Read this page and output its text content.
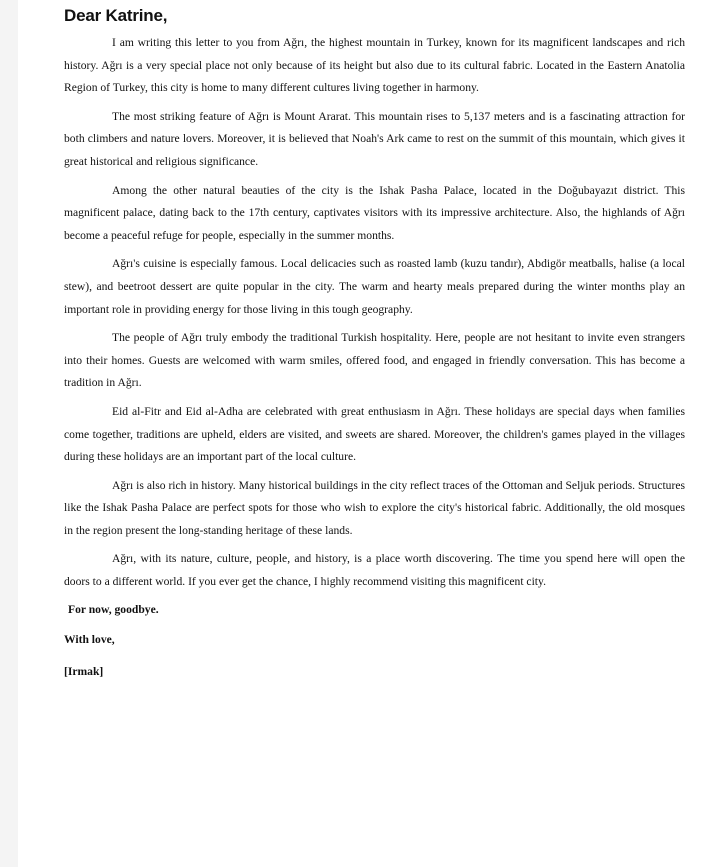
Dear Katrine,

I am writing this letter to you from Ağrı, the highest mountain in Turkey, known for its magnificent landscapes and rich history. Ağrı is a very special place not only because of its height but also due to its cultural fabric. Located in the Eastern Anatolia Region of Turkey, this city is home to many different cultures living together in harmony.

The most striking feature of Ağrı is Mount Ararat. This mountain rises to 5,137 meters and is a fascinating attraction for both climbers and nature lovers. Moreover, it is believed that Noah's Ark came to rest on the summit of this mountain, which gives it great historical and religious significance.

Among the other natural beauties of the city is the Ishak Pasha Palace, located in the Doğubayazıt district. This magnificent palace, dating back to the 17th century, captivates visitors with its impressive architecture. Also, the highlands of Ağrı become a peaceful refuge for people, especially in the summer months.

Ağrı's cuisine is especially famous. Local delicacies such as roasted lamb (kuzu tandır), Abdigör meatballs, halise (a local stew), and beetroot dessert are quite popular in the city. The warm and hearty meals prepared during the winter months play an important role in providing energy for those living in this tough geography.

The people of Ağrı truly embody the traditional Turkish hospitality. Here, people are not hesitant to invite even strangers into their homes. Guests are welcomed with warm smiles, offered food, and engaged in friendly conversation. This has become a tradition in Ağrı.

Eid al-Fitr and Eid al-Adha are celebrated with great enthusiasm in Ağrı. These holidays are special days when families come together, traditions are upheld, elders are visited, and sweets are shared. Moreover, the children's games played in the villages during these holidays are an important part of the local culture.

Ağrı is also rich in history. Many historical buildings in the city reflect traces of the Ottoman and Seljuk periods. Structures like the Ishak Pasha Palace are perfect spots for those who wish to explore the city's historical fabric. Additionally, the old mosques in the region present the long-standing heritage of these lands.

Ağrı, with its nature, culture, people, and history, is a place worth discovering. The time you spend here will open the doors to a different world. If you ever get the chance, I highly recommend visiting this magnificent city.

For now, goodbye.

With love,

[Irmak]
